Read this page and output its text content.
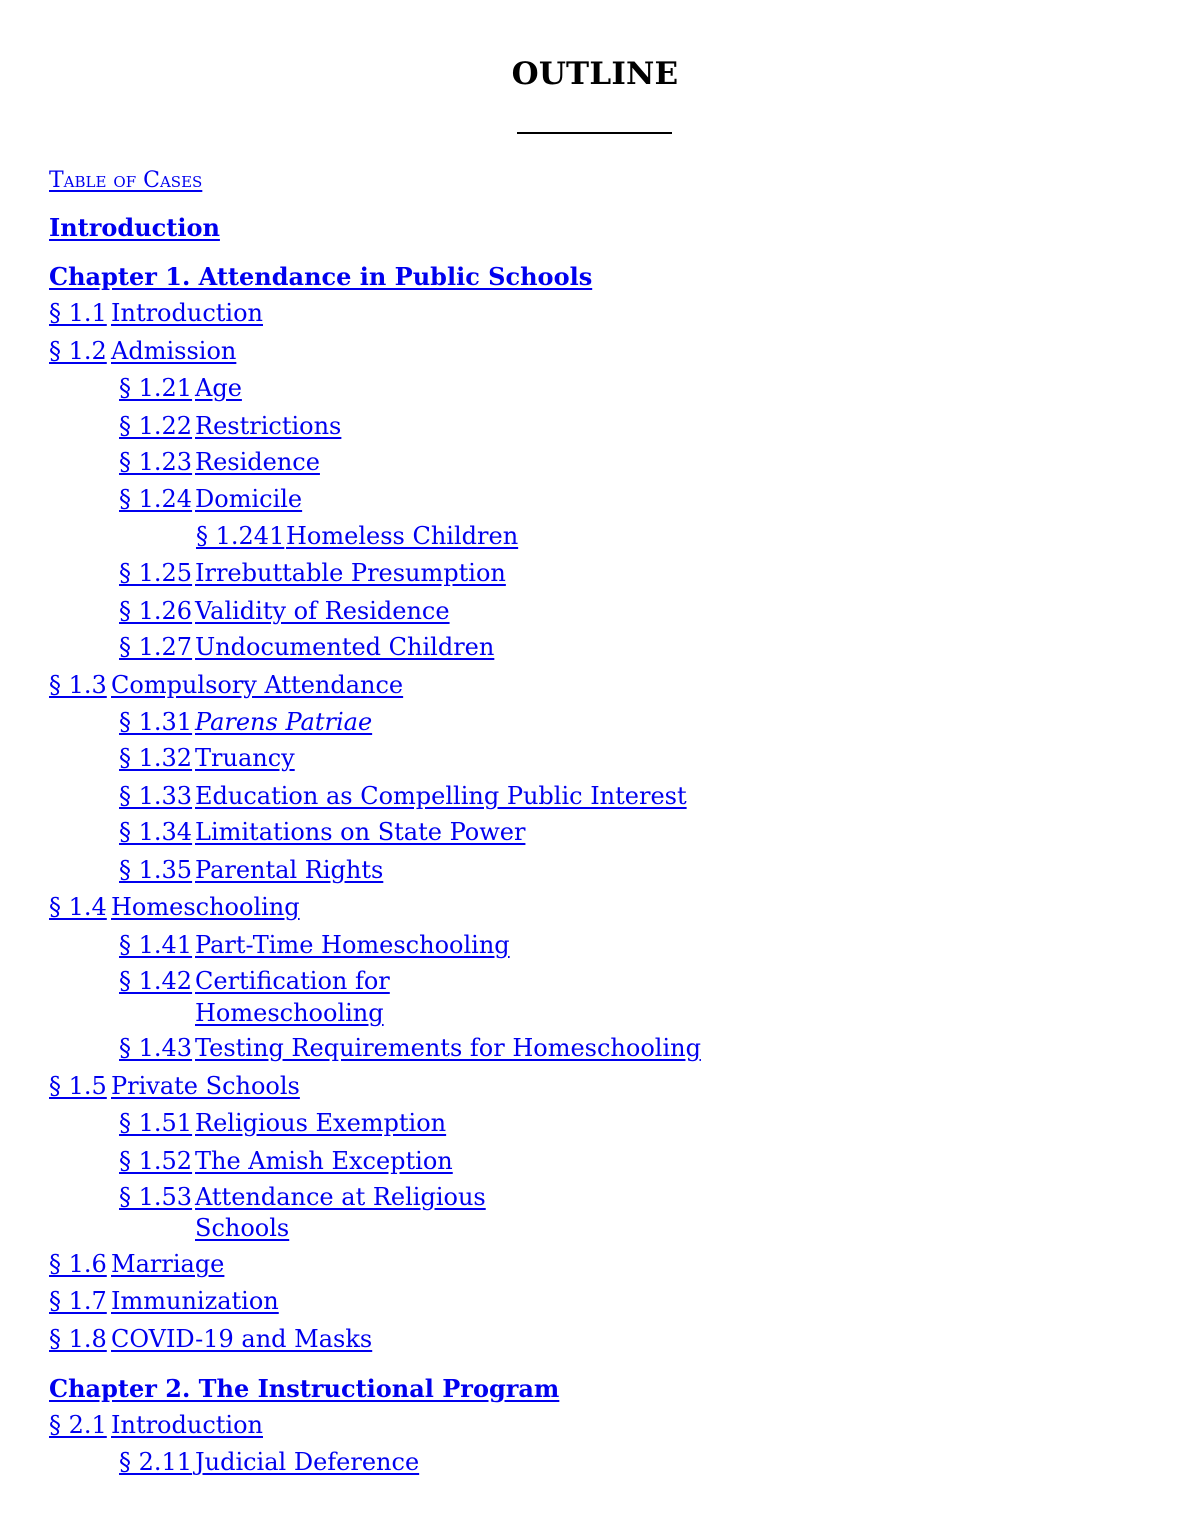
OUTLINE
Table of Cases
Introduction
Chapter 1. Attendance in Public Schools
§ 1.1 Introduction
§ 1.2 Admission
§ 1.21 Age
§ 1.22 Restrictions
§ 1.23 Residence
§ 1.24 Domicile
§ 1.241 Homeless Children
§ 1.25 Irrebuttable Presumption
§ 1.26 Validity of Residence
§ 1.27 Undocumented Children
§ 1.3 Compulsory Attendance
§ 1.31 Parens Patriae
§ 1.32 Truancy
§ 1.33 Education as Compelling Public Interest
§ 1.34 Limitations on State Power
§ 1.35 Parental Rights
§ 1.4 Homeschooling
§ 1.41 Part-Time Homeschooling
§ 1.42 Certification for
Homeschooling
§ 1.43 Testing Requirements for Homeschooling
§ 1.5 Private Schools
§ 1.51 Religious Exemption
§ 1.52 The Amish Exception
§ 1.53 Attendance at Religious
Schools
§ 1.6 Marriage
§ 1.7 Immunization
§ 1.8 COVID-19 and Masks
Chapter 2. The Instructional Program
§ 2.1 Introduction
§ 2.11 Judicial Deference
